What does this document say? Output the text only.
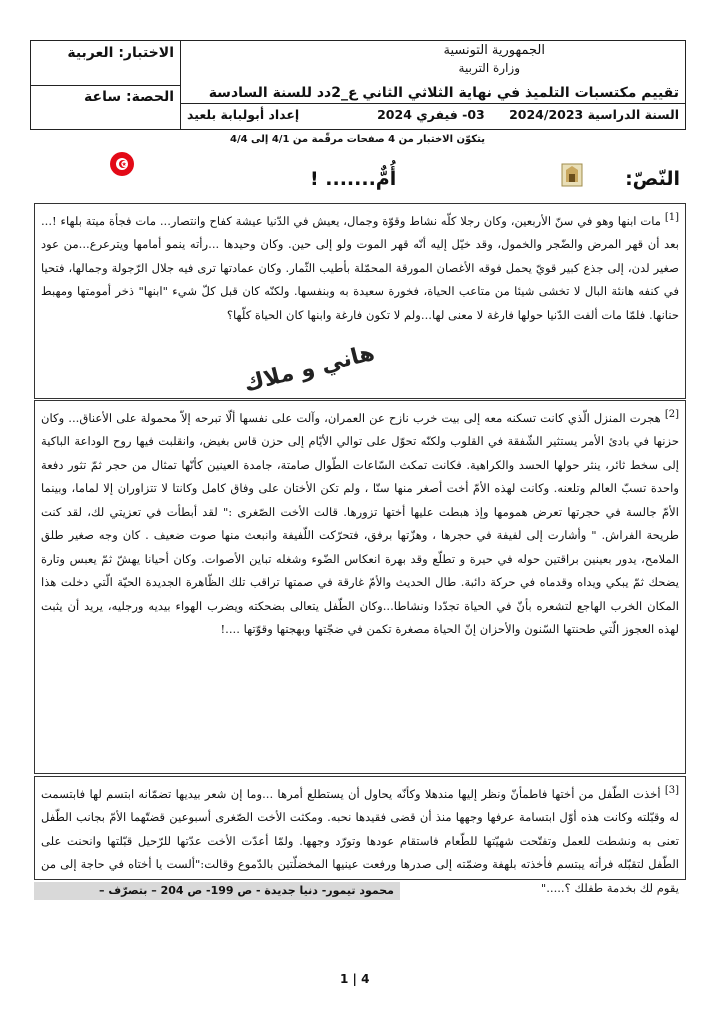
الاختبار: العربية
الحصة: ساعة
الجمهورية التونسية
وزارة التربية
تقييم مكتسبات التلميذ في نهاية الثلاثي الثاني ع_2دد للسنة السادسة
السنة الدراسية 2024/2023 03- فيفري 2024
إعداد أبولبابة بلعيد
يتكوّن الاختبار من 4 صفحات مرقّمة من 4/1 إلى 4/4
النّصّ:
أُمٌّ....... !

[1] مات ابنها وهو في سنّ الأربعين، وكان رجلا كلّه نشاط وقوّة وجمال، يعيش في الدّنيا عيشة كفاح وانتصار... مات فجأة ميتة بلهاء !... بعد أن قهر المرض والضّجر والخمول، وقد خيّل إليه أنّه قهر الموت ولو إلى حين. وكان وحيدها ...رأته ينمو أمامها ويترعرع...من عود صغير لدن، إلى جذع كبير قويّ يحمل فوقه الأغصان المورقة المحمّلة بأطيب الثّمار. وكان عمادتها ترى فيه جلال الرّجولة وجمالها، فتحيا في كنفه هانئة البال لا تخشى شيئا من متاعب الحياة، فخورة سعيدة به وبنفسها. ولكنّه كان قبل كلّ شيء "ابنها" ذخر أمومتها ومهبط حنانها. فلمّا مات ألفت الدّنيا حولها فارغة لا معنى لها...ولم لا تكون فارغة وابنها كان الحياة كلّها؟

هاني و ملاك

[2] هجرت المنزل الّذي كانت تسكنه معه إلى بيت خرب نازح عن العمران، وآلت على نفسها ألّا تبرحه إلاّ محمولة على الأعناق... وكان حزنها في بادئ الأمر يستثير الشّفقة في القلوب ولكنّه تحوّل على توالي الأيّام إلى حزن قاس بغيض، وانقلبت فيها روح الوداعة الباكية إلى سخط ثائر، ينثر حولها الحسد والكراهية. فكانت تمكث السّاعات الطّوال صامتة، جامدة العينين كأنّها تمثال من حجر ثمّ تثور دفعة واحدة تسبّ العالم وتلعنه. وكانت لهذه الأمّ أخت أصغر منها سنّا ، ولم تكن الأختان على وفاق كامل وكانتا لا تتزاوران إلا لماما، وبينما الأمّ جالسة في حجرتها تعرض همومها وإذ هبطت عليها أختها تزورها. قالت الأخت الصّغرى :" لقد أبطأت في تعزيتي لك، لقد كنت طريحة الفراش. " وأشارت إلى لفيفة في حجرها ، وهزّتها برفق، فتحرّكت اللّفيفة وانبعث منها صوت ضعيف . كان وجه صغير طلق الملامح، يدور بعينين براقتين حوله في حيرة و تطلّع وقد بهرة انعكاس الضّوء وشغله تباين الأصوات. وكان أحيانا يهشّ ثمّ يعبس وتارة يضحك ثمّ يبكي ويداه وقدماه في حركة دائبة. طال الحديث والأمّ غارقة في صمتها تراقب تلك الظّاهرة الجديدة الحيّة الّتي دخلت هذا المكان الخرب الهاجع لتشعره بأنّ في الحياة تجدّدا ونشاطا...وكان الطّفل يتعالى بضحكته ويضرب الهواء بيديه ورجليه، يريد أن يثبت لهذه العجوز الّتي طحنتها السّنون والأحزان إنّ الحياة مصغرة تكمن في ضجّتها وبهجتها وقوّتها ....!

[3] أخذت الطّفل من أختها فاطمأنّ ونظر إليها مندهلا وكأنّه يحاول أن يستطلع أمرها ...وما إن شعر بيديها تضمّانه ابتسم لها فابتسمت له وقبّلته وكانت هذه أوّل ابتسامة عرفها وجهها منذ أن قضى فقيدها نحبه. ومكثت الأخت الصّغرى أسبوعين قضتّهما الأمّ بجانب الطّفل تعنى به ونشطت للعمل وتفتّحت شهيّتها للطّعام فاستقام عودها وتورّد وجهها. ولمّا أعدّت الأخت عدّتها للرّحيل قبّلتها وانحنت على الطّفل لتقبّله فرأته يبتسم فأخذته بلهفة وضمّته إلى صدرها ورفعت عينيها المخضلّتين بالدّموع وقالت:"ألست يا أختاه في حاجة إلى من يقوم لك بخدمة طفلك ؟....."

محمود تيمور- دنيا جديدة - ص 199- ص 204 – بتصرّف –
1 | 4
